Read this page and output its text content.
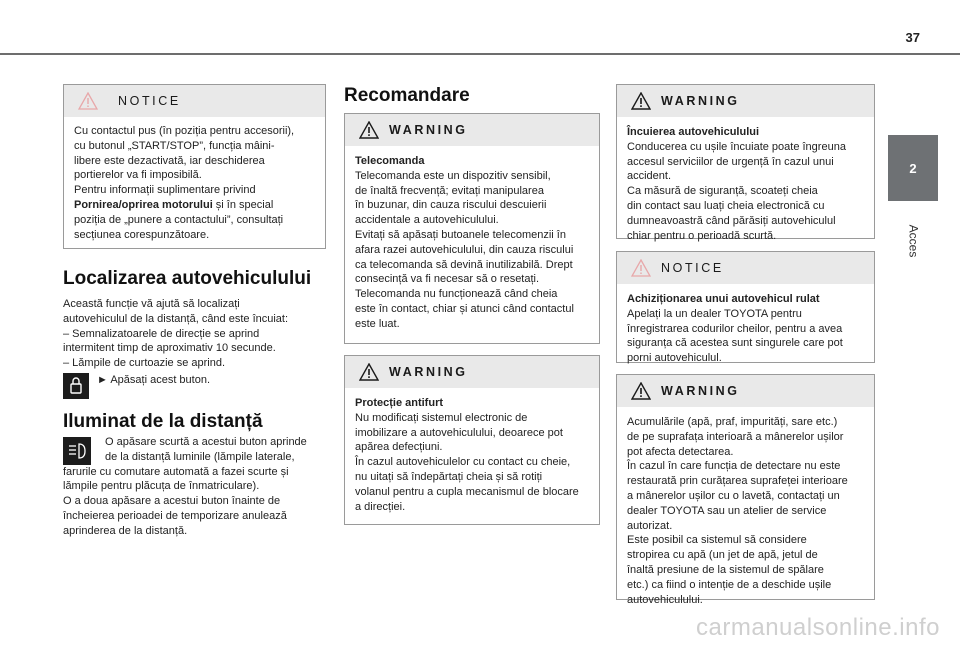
37
2
Acces
NOTICE

Cu contactul pus (în poziția pentru accesorii),

cu butonul „START/STOP”, funcția mâini-

libere este dezactivată, iar deschiderea

portierelor va fi imposibilă.

Pentru informații suplimentare privind

Pornirea/oprirea motorului și în special

poziția de „punere a contactului”, consultați

secțiunea corespunzătoare.

Localizarea autovehiculului

Această funcție vă ajută să localizați

autovehiculul de la distanță, când este încuiat:

– Semnalizatoarele de direcție se aprind

intermitent timp de aproximativ 10 secunde.

– Lămpile de curtoazie se aprind.

► Apăsați acest buton.
Iluminat de la distanță

O apăsare scurtă a acestui buton aprinde

de la distanță luminile (lămpile laterale,

farurile cu comutare automată a fazei scurte și

lămpile pentru plăcuța de înmatriculare).

O a doua apăsare a acestui buton înainte de

încheierea perioadei de temporizare anulează

aprinderea de la distanță.

Recomandare
WARNING

Telecomanda

Telecomanda este un dispozitiv sensibil,

de înaltă frecvență; evitați manipularea

în buzunar, din cauza riscului descuierii

accidentale a autovehiculului.

Evitați să apăsați butoanele telecomenzii în

afara razei autovehiculului, din cauza riscului

ca telecomanda să devină inutilizabilă. Drept

consecință va fi necesar să o resetați.

Telecomanda nu funcționează când cheia

este în contact, chiar și atunci când contactul

este luat.

WARNING

Protecție antifurt

Nu modificați sistemul electronic de

imobilizare a autovehiculului, deoarece pot

apărea defecțiuni.

În cazul autovehiculelor cu contact cu cheie,

nu uitați să îndepărtați cheia și să rotiți

volanul pentru a cupla mecanismul de blocare

a direcției.

WARNING

Încuierea autovehiculului

Conducerea cu ușile încuiate poate îngreuna

accesul serviciilor de urgență în cazul unui

accident.

Ca măsură de siguranță, scoateți cheia

din contact sau luați cheia electronică cu

dumneavoastră când părăsiți autovehiculul

chiar pentru o perioadă scurtă.

NOTICE

Achiziționarea unui autovehicul rulat

Apelați la un dealer TOYOTA pentru

înregistrarea codurilor cheilor, pentru a avea

siguranța că acestea sunt singurele care pot

porni autovehiculul.

WARNING

Acumulările (apă, praf, impurități, sare etc.)

de pe suprafața interioară a mânerelor ușilor

pot afecta detectarea.

În cazul în care funcția de detectare nu este

restaurată prin curățarea suprafeței interioare

a mânerelor ușilor cu o lavetă, contactați un

dealer TOYOTA sau un atelier de service

autorizat.

Este posibil ca sistemul să considere

stropirea cu apă (un jet de apă, jetul de

înaltă presiune de la sistemul de spălare

etc.) ca fiind o intenție de a deschide ușile

autovehiculului.

carmanualsonline.info
